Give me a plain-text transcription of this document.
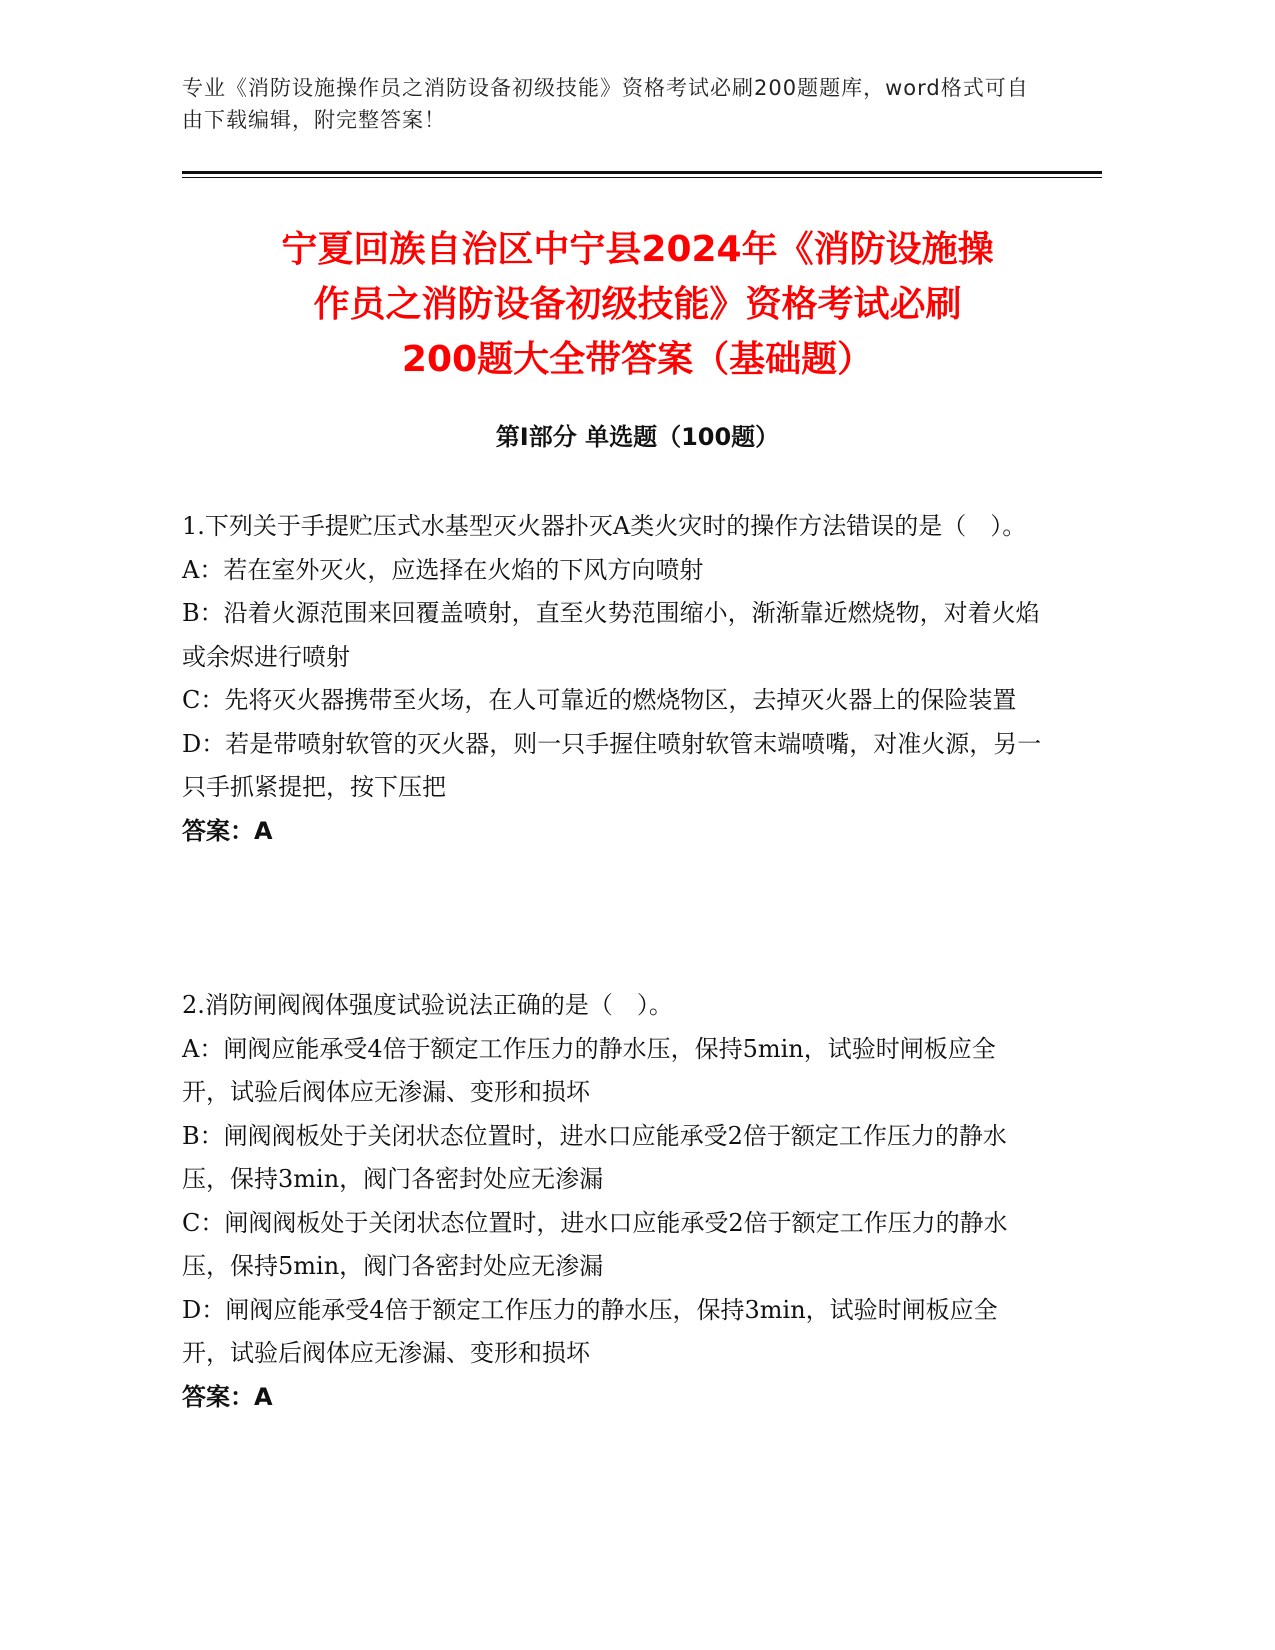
专业《消防设施操作员之消防设备初级技能》资格考试必刷200题题库，word格式可自由下载编辑，附完整答案！
宁夏回族自治区中宁县2024年《消防设施操
作员之消防设备初级技能》资格考试必刷
200题大全带答案（基础题）
第I部分 单选题（100题）

1.下列关于手提贮压式水基型灭火器扑灭A类火灾时的操作方法错误的是（　）。

A：若在室外灭火，应选择在火焰的下风方向喷射

B：沿着火源范围来回覆盖喷射，直至火势范围缩小，渐渐靠近燃烧物，对着火焰或余烬进行喷射

C：先将灭火器携带至火场，在人可靠近的燃烧物区，去掉灭火器上的保险装置

D：若是带喷射软管的灭火器，则一只手握住喷射软管末端喷嘴，对准火源，另一只手抓紧提把，按下压把

答案：A

2.消防闸阀阀体强度试验说法正确的是（　）。

A：闸阀应能承受4倍于额定工作压力的静水压，保持5min，试验时闸板应全开，试验后阀体应无渗漏、变形和损坏

B：闸阀阀板处于关闭状态位置时，进水口应能承受2倍于额定工作压力的静水压，保持3min，阀门各密封处应无渗漏

C：闸阀阀板处于关闭状态位置时，进水口应能承受2倍于额定工作压力的静水压，保持5min，阀门各密封处应无渗漏

D：闸阀应能承受4倍于额定工作压力的静水压，保持3min，试验时闸板应全开，试验后阀体应无渗漏、变形和损坏

答案：A
